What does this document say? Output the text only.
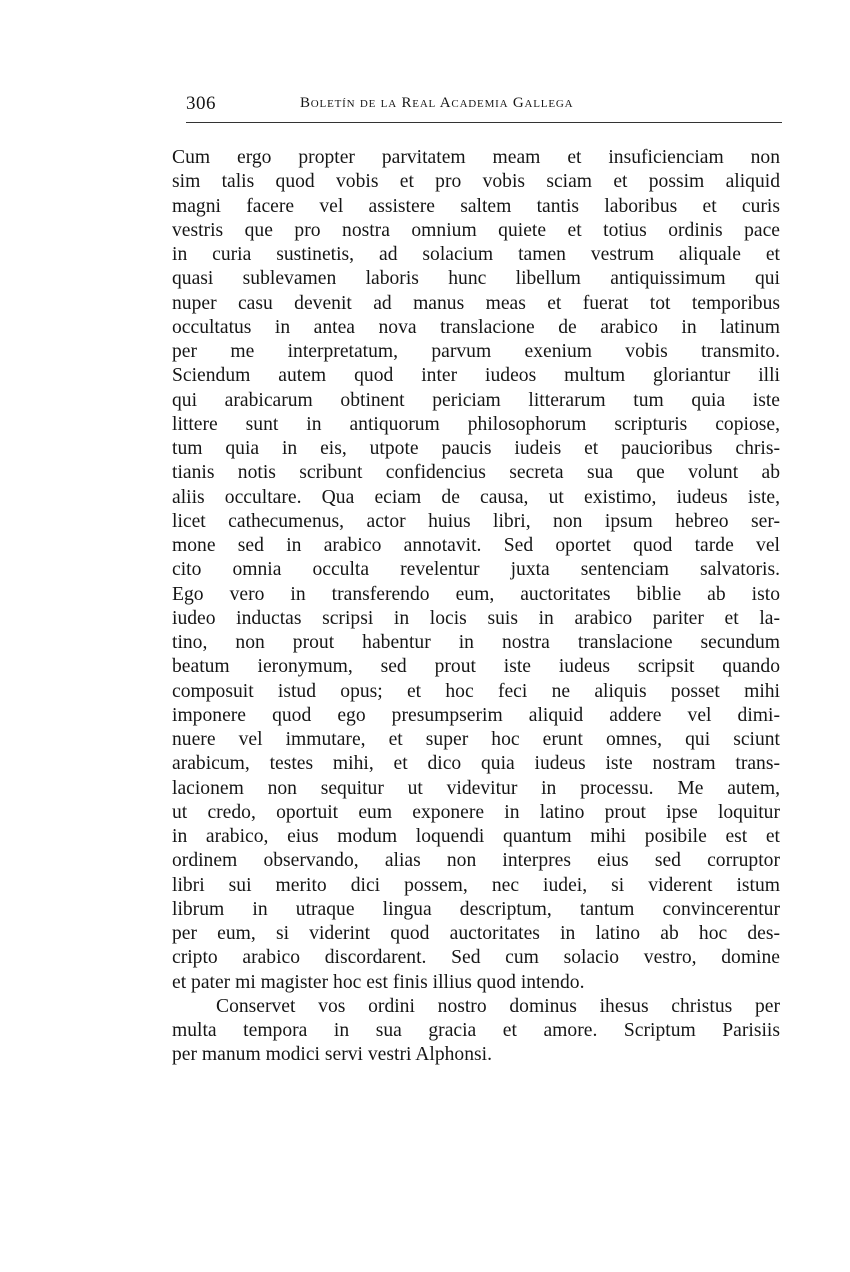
306	Boletín de la Real Academia Gallega
Cum ergo propter parvitatem meam et insuficienciam non
sim talis quod vobis et pro vobis sciam et possim aliquid
magni facere vel assistere saltem tantis laboribus et curis
vestris que pro nostra omnium quiete et totius ordinis pace
in curia sustinetis, ad solacium tamen vestrum aliquale et
quasi sublevamen laboris hunc libellum antiquissimum qui
nuper casu devenit ad manus meas et fuerat tot temporibus
occultatus in antea nova translacione de arabico in latinum
per me interpretatum, parvum exenium vobis transmito.
Sciendum autem quod inter iudeos multum gloriantur illi
qui arabicarum obtinent periciam litterarum tum quia iste
littere sunt in antiquorum philosophorum scripturis copiose,
tum quia in eis, utpote paucis iudeis et paucioribus chris-
tianis notis scribunt confidencius secreta sua que volunt ab
aliis occultare. Qua eciam de causa, ut existimo, iudeus iste,
licet cathecumenus, actor huius libri, non ipsum hebreo ser-
mone sed in arabico annotavit. Sed oportet quod tarde vel
cito omnia occulta revelentur juxta sentenciam salvatoris.
Ego vero in transferendo eum, auctoritates biblie ab isto
iudeo inductas scripsi in locis suis in arabico pariter et la-
tino, non prout habentur in nostra translacione secundum
beatum ieronymum, sed prout iste iudeus scripsit quando
composuit istud opus; et hoc feci ne aliquis posset mihi
imponere quod ego presumpserim aliquid addere vel dimi-
nuere vel immutare, et super hoc erunt omnes, qui sciunt
arabicum, testes mihi, et dico quia iudeus iste nostram trans-
lacionem non sequitur ut videvitur in processu. Me autem,
ut credo, oportuit eum exponere in latino prout ipse loquitur
in arabico, eius modum loquendi quantum mihi posibile est et
ordinem observando, alias non interpres eius sed corruptor
libri sui merito dici possem, nec iudei, si viderent istum
librum in utraque lingua descriptum, tantum convincerentur
per eum, si viderint quod auctoritates in latino ab hoc des-
cripto arabico discordarent. Sed cum solacio vestro, domine
et pater mi magister hoc est finis illius quod intendo.
Conservet vos ordini nostro dominus ihesus christus per
multa tempora in sua gracia et amore. Scriptum Parisiis
per manum modici servi vestri Alphonsi.
